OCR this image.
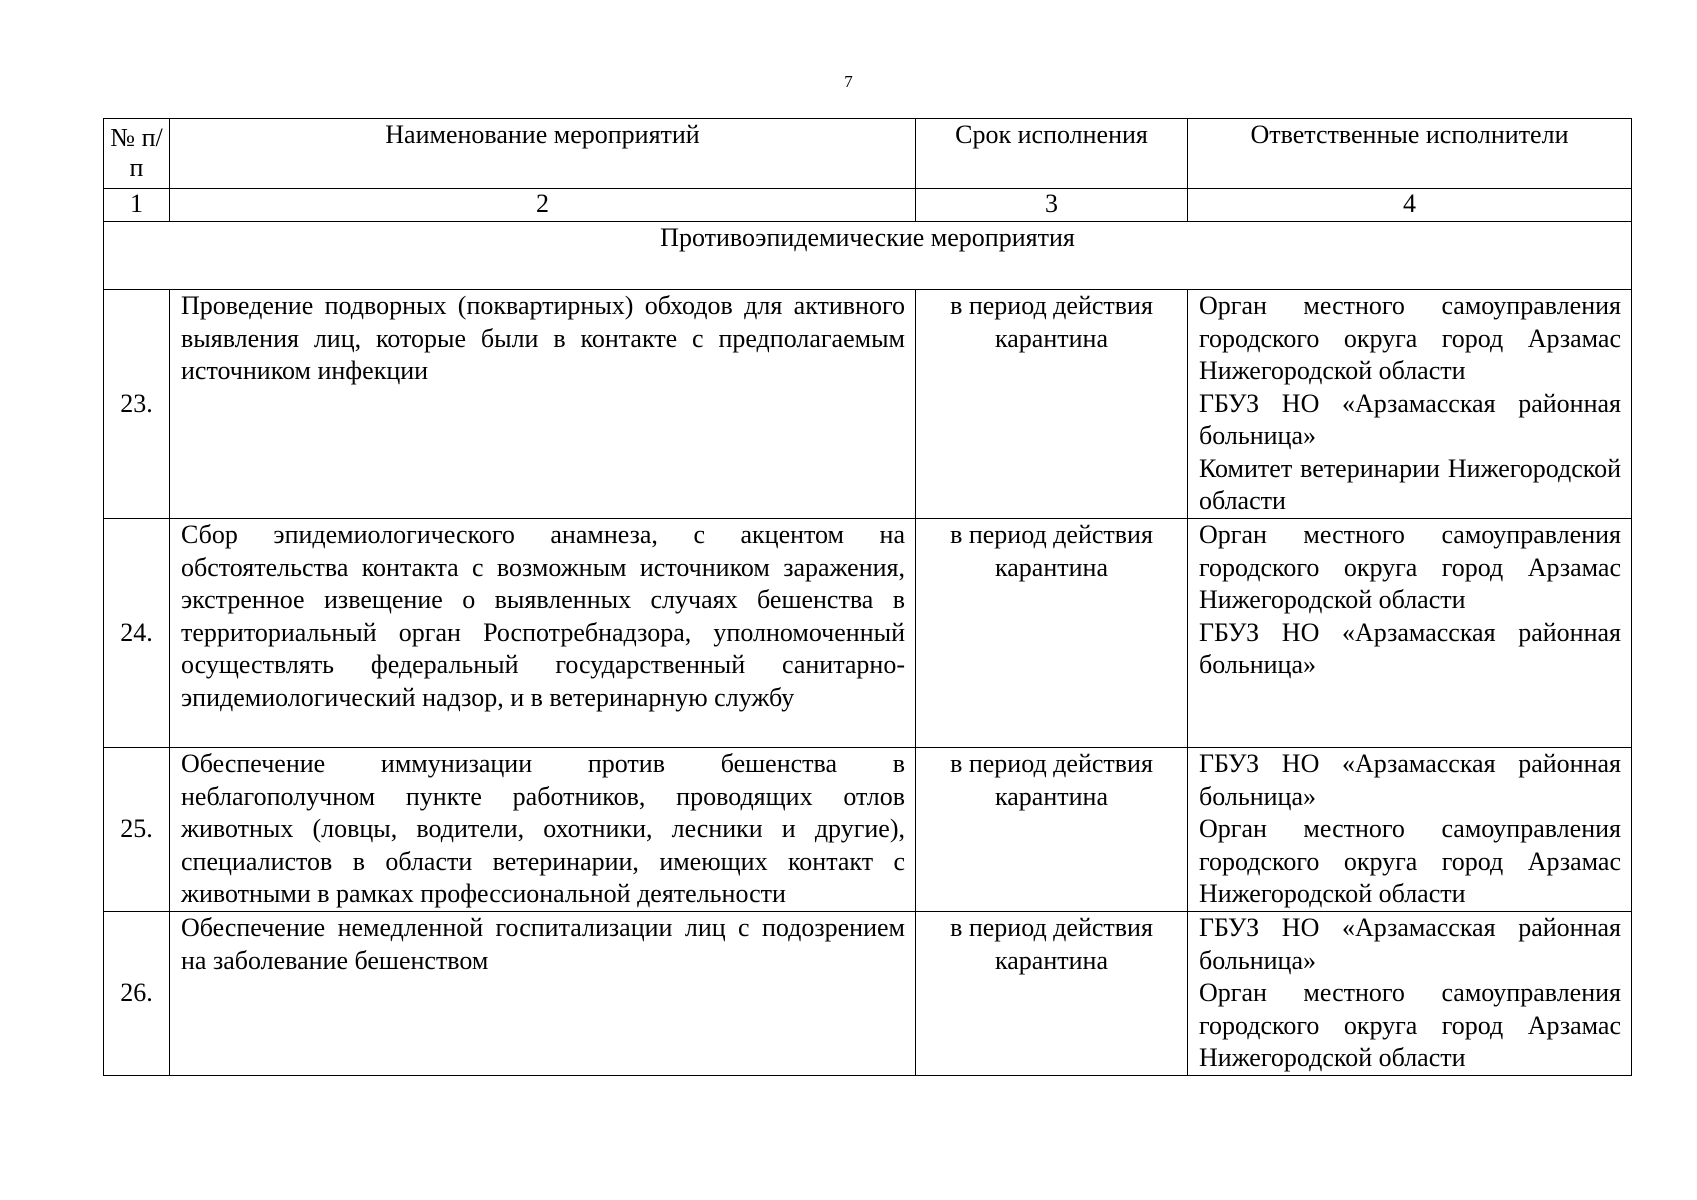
7
№ п/п	Наименование мероприятий	Срок исполнения	Ответственные исполнители
1	2	3	4
Противоэпидемические мероприятия			
23.	Проведение подворных (поквартирных) обходов для активного выявления лиц, которые были в контакте с предполагаемым источником инфекции	в период действия карантина	Орган местного самоуправления городского округа город Арзамас Нижегородской области
ГБУЗ НО «Арзамасская районная больница»
Комитет ветеринарии Нижегородской области

24.	Сбор эпидемиологического анамнеза, с акцентом на обстоятельства контакта с возможным источником заражения, экстренное извещение о выявленных случаях бешенства в территориальный орган Роспотребнадзора, уполномоченный осуществлять федеральный государственный санитарно-эпидемиологический надзор, и в ветеринарную службу	в период действия карантина	Орган местного самоуправления городского округа город Арзамас Нижегородской области
ГБУЗ НО «Арзамасская районная больница»

25.	Обеспечение иммунизации против бешенства в неблагополучном пункте работников, проводящих отлов животных (ловцы, водители, охотники, лесники и другие), специалистов в области ветеринарии, имеющих контакт с животными в рамках профессиональной деятельности	в период действия карантина	ГБУЗ НО «Арзамасская районная больница»
Орган местного самоуправления городского округа город Арзамас Нижегородской области

26.	Обеспечение немедленной госпитализации лиц с подозрением на заболевание бешенством	в период действия карантина	ГБУЗ НО «Арзамасская районная больница»
Орган местного самоуправления городского округа город Арзамас Нижегородской области
